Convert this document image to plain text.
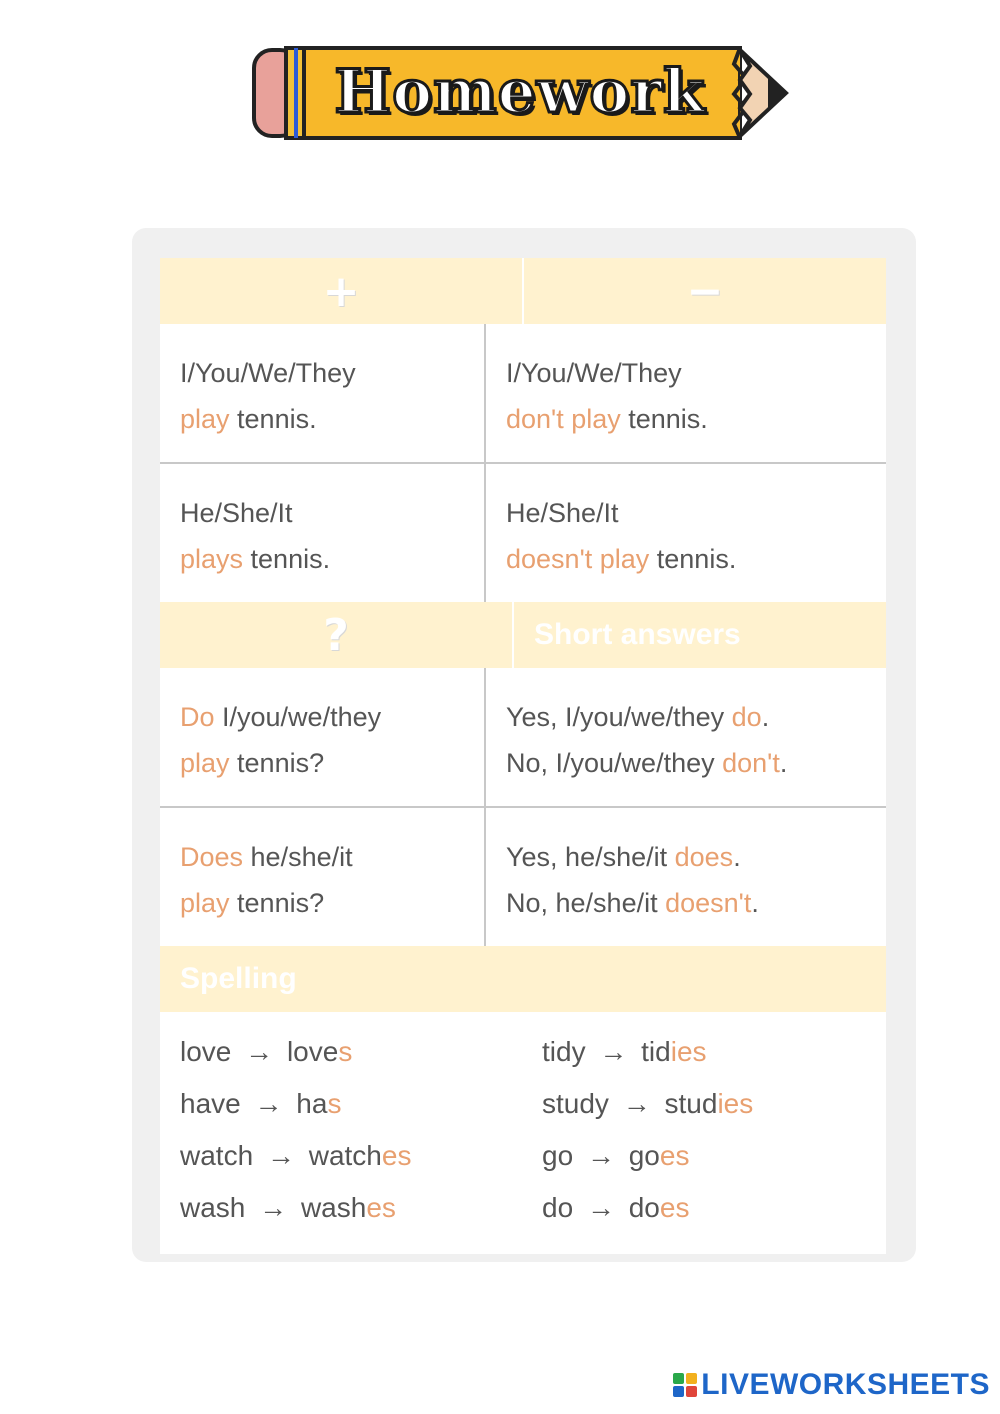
Homework
+	−
I/You/We/They
play tennis.
I/You/We/They
don't play tennis.
He/She/It
plays tennis.
He/She/It
doesn't play tennis.
?	Short answers
Do I/you/we/they
play tennis?
Yes, I/you/we/they do.
No, I/you/we/they don't.
Does he/she/it
play tennis?
Yes, he/she/it does.
No, he/she/it doesn't.
Spelling
love → loves
have → has
watch → watches
wash → washes
tidy → tidies
study → studies
go → goes
do → does
LIVEWORKSHEETS
